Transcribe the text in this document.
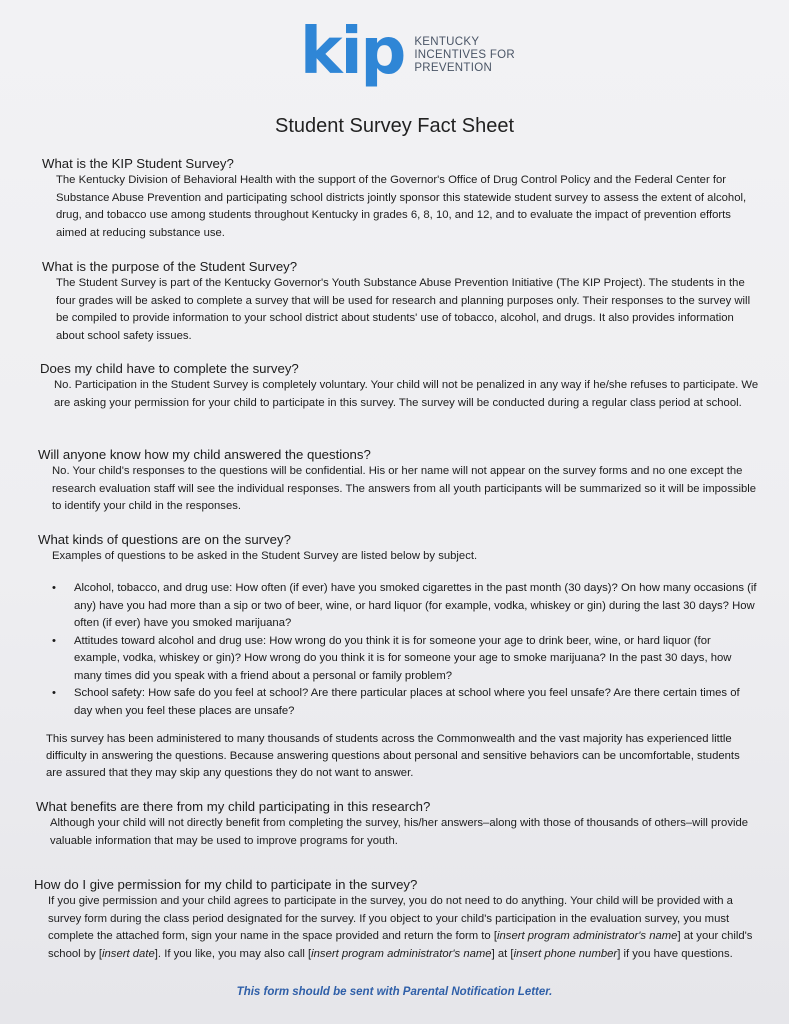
kip KENTUCKY
INCENTIVES FOR
PREVENTION
Student Survey Fact Sheet
What is the KIP Student Survey?
The Kentucky Division of Behavioral Health with the support of the Governor's Office of Drug Control Policy and the Federal Center for Substance Abuse Prevention and participating school districts jointly sponsor this statewide student survey to assess the extent of alcohol, drug, and tobacco use among students throughout Kentucky in grades 6, 8, 10, and 12, and to evaluate the impact of prevention efforts aimed at reducing substance use.
What is the purpose of the Student Survey?
The Student Survey is part of the Kentucky Governor's Youth Substance Abuse Prevention Initiative (The KIP Project). The students in the four grades will be asked to complete a survey that will be used for research and planning purposes only. Their responses to the survey will be compiled to provide information to your school district about students' use of tobacco, alcohol, and drugs. It also provides information about school safety issues.
Does my child have to complete the survey?
No. Participation in the Student Survey is completely voluntary. Your child will not be penalized in any way if he/she refuses to participate. We are asking your permission for your child to participate in this survey. The survey will be conducted during a regular class period at school.
Will anyone know how my child answered the questions?
No. Your child's responses to the questions will be confidential. His or her name will not appear on the survey forms and no one except the research evaluation staff will see the individual responses. The answers from all youth participants will be summarized so it will be impossible to identify your child in the responses.
What kinds of questions are on the survey?
Examples of questions to be asked in the Student Survey are listed below by subject.
• Alcohol, tobacco, and drug use: How often (if ever) have you smoked cigarettes in the past month (30 days)? On how many occasions (if any) have you had more than a sip or two of beer, wine, or hard liquor (for example, vodka, whiskey or gin) during the last 30 days? How often (if ever) have you smoked marijuana?
• Attitudes toward alcohol and drug use: How wrong do you think it is for someone your age to drink beer, wine, or hard liquor (for example, vodka, whiskey or gin)? How wrong do you think it is for someone your age to smoke marijuana? In the past 30 days, how many times did you speak with a friend about a personal or family problem?
• School safety: How safe do you feel at school? Are there particular places at school where you feel unsafe? Are there certain times of day when you feel these places are unsafe?
This survey has been administered to many thousands of students across the Commonwealth and the vast majority has experienced little difficulty in answering the questions. Because answering questions about personal and sensitive behaviors can be uncomfortable, students are assured that they may skip any questions they do not want to answer.
What benefits are there from my child participating in this research?
Although your child will not directly benefit from completing the survey, his/her answers–along with those of thousands of others–will provide valuable information that may be used to improve programs for youth.
How do I give permission for my child to participate in the survey?
If you give permission and your child agrees to participate in the survey, you do not need to do anything. Your child will be provided with a survey form during the class period designated for the survey. If you object to your child's participation in the evaluation survey, you must complete the attached form, sign your name in the space provided and return the form to [insert program administrator's name] at your child's school by [insert date]. If you like, you may also call [insert program administrator's name] at [insert phone number] if you have questions.
This form should be sent with Parental Notification Letter.
